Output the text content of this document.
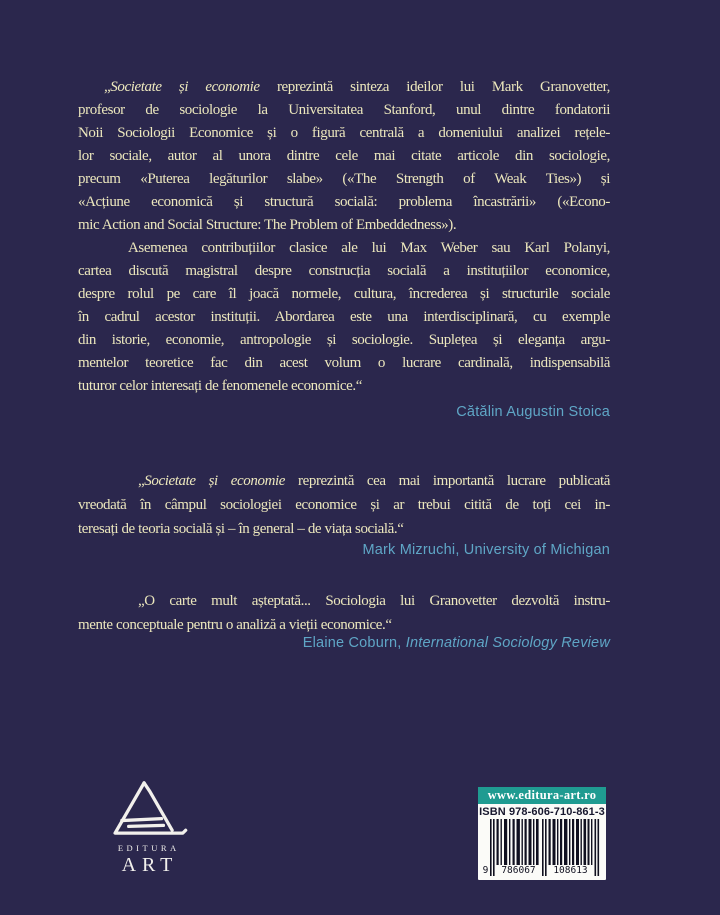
„Societate și economie reprezintă sinteza ideilor lui Mark Granovetter,
profesor de sociologie la Universitatea Stanford, unul dintre fondatorii
Noii Sociologii Economice și o figură centrală a domeniului analizei rețele-
lor sociale, autor al unora dintre cele mai citate articole din sociologie,
precum «Puterea legăturilor slabe» («The Strength of Weak Ties») și
«Acțiune economică și structură socială: problema încastrării» («Econo-
mic Action and Social Structure: The Problem of Embeddedness»).
Asemenea contribuțiilor clasice ale lui Max Weber sau Karl Polanyi,
cartea discută magistral despre construcția socială a instituțiilor economice,
despre rolul pe care îl joacă normele, cultura, încrederea și structurile sociale
în cadrul acestor instituții. Abordarea este una interdisciplinară, cu exemple
din istorie, economie, antropologie și sociologie. Suplețea și eleganța argu-
mentelor teoretice fac din acest volum o lucrare cardinală, indispensabilă
tuturor celor interesați de fenomenele economice.“
Cătălin Augustin Stoica
„Societate și economie reprezintă cea mai importantă lucrare publicată
vreodată în câmpul sociologiei economice și ar trebui citită de toți cei in-
teresați de teoria socială și – în general – de viața socială.“
Mark Mizruchi, University of Michigan
„O carte mult așteptată... Sociologia lui Granovetter dezvoltă instru-
mente conceptuale pentru o analiză a vieții economice.“
Elaine Coburn, International Sociology Review
EDITURA
ART
www.editura-art.ro
ISBN 978-606-710-861-3
9	786067	108613
